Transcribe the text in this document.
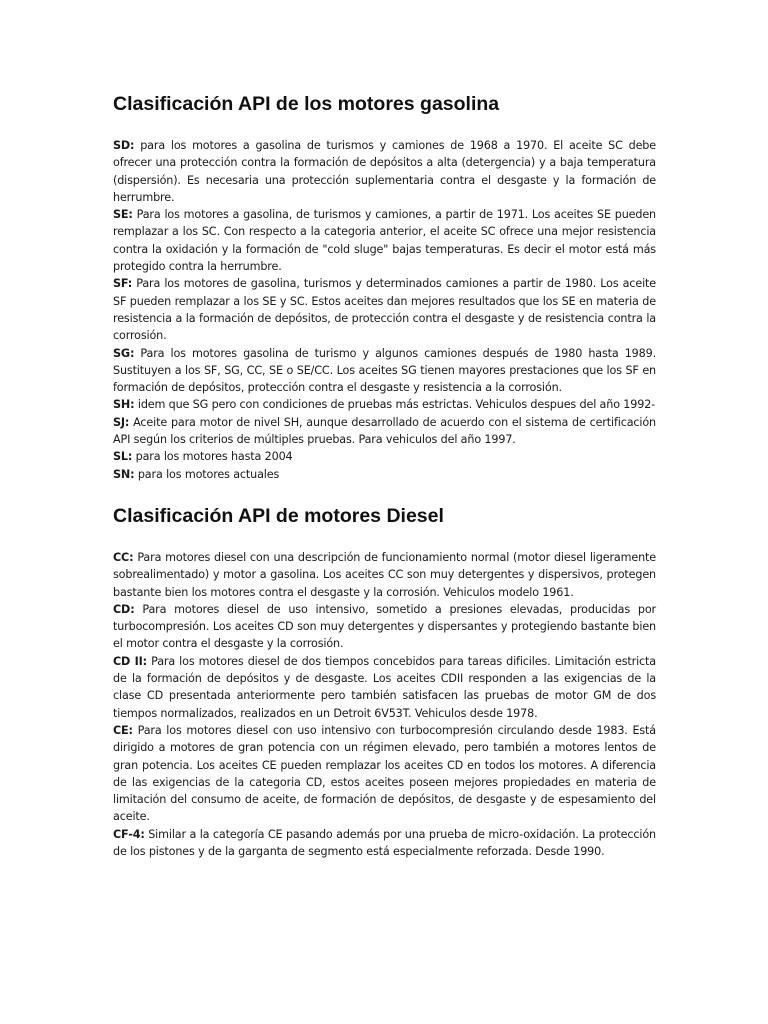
Clasificación API de los motores gasolina

SD: para los motores a gasolina de turismos y camiones de 1968 a 1970. El aceite SC debe ofrecer una protección contra la formación de depósitos a alta (detergencia) y a baja temperatura (dispersión). Es necesaria una protección suplementaria contra el desgaste y la formación de herrumbre.

SE: Para los motores a gasolina, de turismos y camiones, a partir de 1971. Los aceites SE pueden remplazar a los SC. Con respecto a la categoria anterior, el aceite SC ofrece una mejor resistencia contra la oxidación y la formación de "cold sluge" bajas temperaturas. Es decir el motor está más protegido contra la herrumbre.

SF: Para los motores de gasolina, turismos y determinados camiones a partir de 1980. Los aceite SF pueden remplazar a los SE y SC. Estos aceites dan mejores resultados que los SE en materia de resistencia a la formación de depósitos, de protección contra el desgaste y de resistencia contra la corrosión.

SG: Para los motores gasolina de turismo y algunos camiones después de 1980 hasta 1989. Sustituyen a los SF, SG, CC, SE o SE/CC. Los aceites SG tienen mayores prestaciones que los SF en formación de depósitos, protección contra el desgaste y resistencia a la corrosión.

SH: idem que SG pero con condiciones de pruebas más estrictas. Vehiculos despues del año 1992-

SJ: Aceite para motor de nivel SH, aunque desarrollado de acuerdo con el sistema de certificación API según los criterios de múltiples pruebas. Para vehiculos del año 1997.

SL: para los motores hasta 2004

SN: para los motores actuales

Clasificación API de motores Diesel

CC: Para motores diesel con una descripción de funcionamiento normal (motor diesel ligeramente sobrealimentado) y motor a gasolina. Los aceites CC son muy detergentes y dispersivos, protegen bastante bien los motores contra el desgaste y la corrosión. Vehiculos modelo 1961.

CD: Para motores diesel de uso intensivo, sometido a presiones elevadas, producidas por turbocompresión. Los aceites CD son muy detergentes y dispersantes y protegiendo bastante bien el motor contra el desgaste y la corrosión.

CD II: Para los motores diesel de dos tiempos concebidos para tareas dificiles. Limitación estricta de la formación de depósitos y de desgaste. Los aceites CDII responden a las exigencias de la clase CD presentada anteriormente pero también satisfacen las pruebas de motor GM de dos tiempos normalizados, realizados en un Detroit 6V53T. Vehiculos desde 1978.

CE: Para los motores diesel con uso intensivo con turbocompresión circulando desde 1983. Está dirigido a motores de gran potencia con un régimen elevado, pero también a motores lentos de gran potencia. Los aceites CE pueden remplazar los aceites CD en todos los motores. A diferencia de las exigencias de la categoria CD, estos aceites poseen mejores propiedades en materia de limitación del consumo de aceite, de formación de depósitos, de desgaste y de espesamiento del aceite.

CF-4: Similar a la categoría CE pasando además por una prueba de micro-oxidación. La protección de los pistones y de la garganta de segmento está especialmente reforzada. Desde 1990.
